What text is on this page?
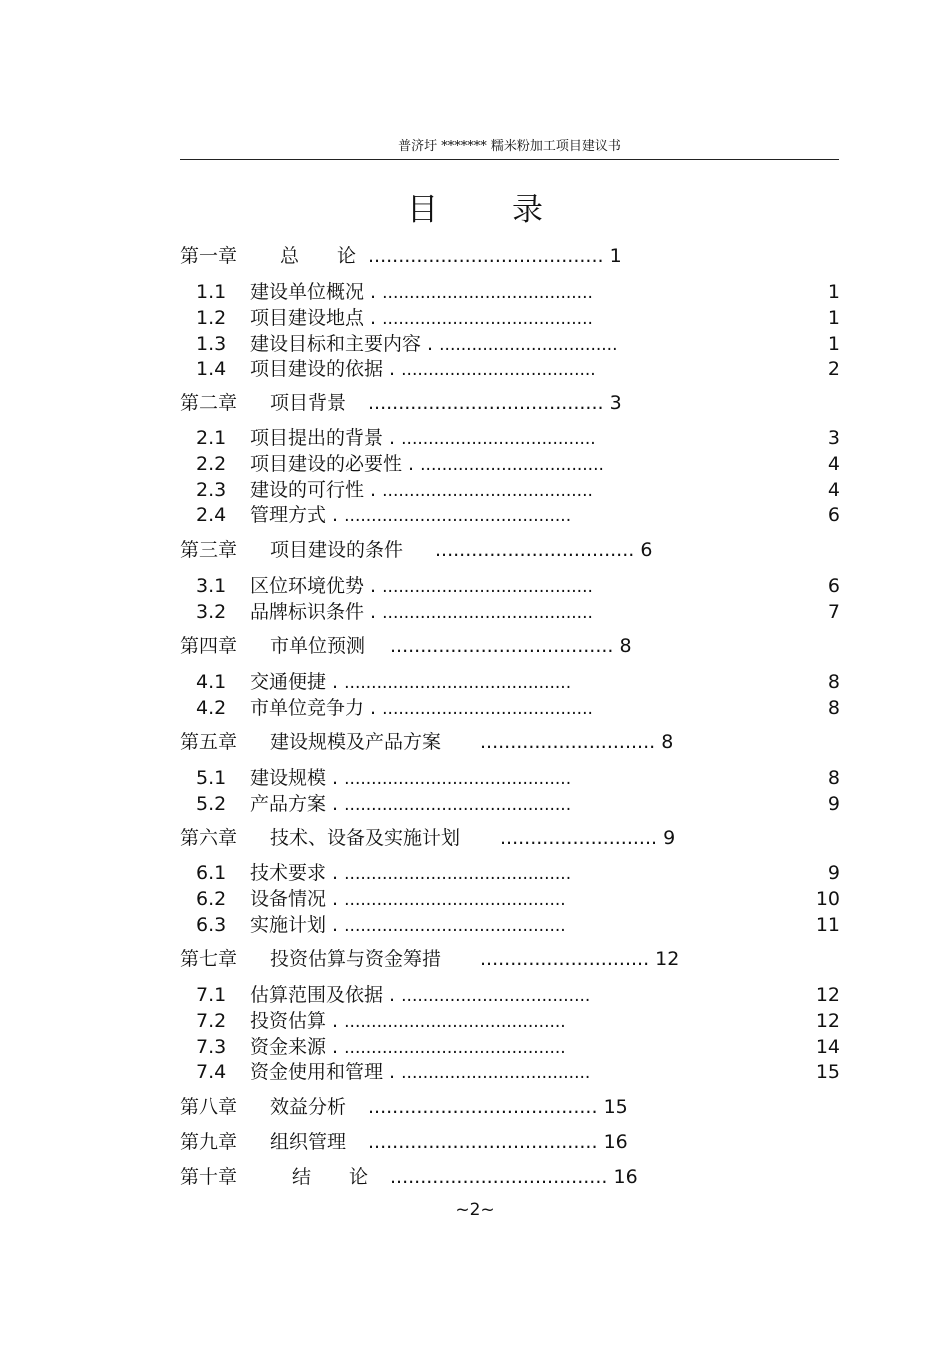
普济圩 ******* 糯米粉加工项目建议书
目录
第一章 总　　论 ....................................... 1
1.1 建设单位概况 . .......................................	1
1.2 项目建设地点 . .......................................	1
1.3 建设目标和主要内容 . .................................	1
1.4 项目建设的依据 . ....................................	2
第二章 项目背景 ....................................... 3
2.1 项目提出的背景 . ....................................	3
2.2 项目建设的必要性 . ..................................	4
2.3 建设的可行性 . .......................................	4
2.4 管理方式 . ..........................................	6
第三章 项目建设的条件 ................................. 6
3.1 区位环境优势 . .......................................	6
3.2 品牌标识条件 . .......................................	7
第四章 市单位预测 ..................................... 8
4.1 交通便捷 . ..........................................	8
4.2 市单位竞争力 . .......................................	8
第五章 建设规模及产品方案 ............................. 8
5.1 建设规模 . ..........................................	8
5.2 产品方案 . ..........................................	9
第六章 技术、设备及实施计划 .......................... 9
6.1 技术要求 . ..........................................	9
6.2 设备情况 . .........................................	10
6.3 实施计划 . .........................................	11
第七章 投资估算与资金筹措 ............................ 12
7.1 估算范围及依据 . ...................................	12
7.2 投资估算 . .........................................	12
7.3 资金来源 . .........................................	14
7.4 资金使用和管理 . ...................................	15
第八章 效益分析 ...................................... 15
第九章 组织管理 ...................................... 16
第十章	结　　论 .................................... 16
~2~
